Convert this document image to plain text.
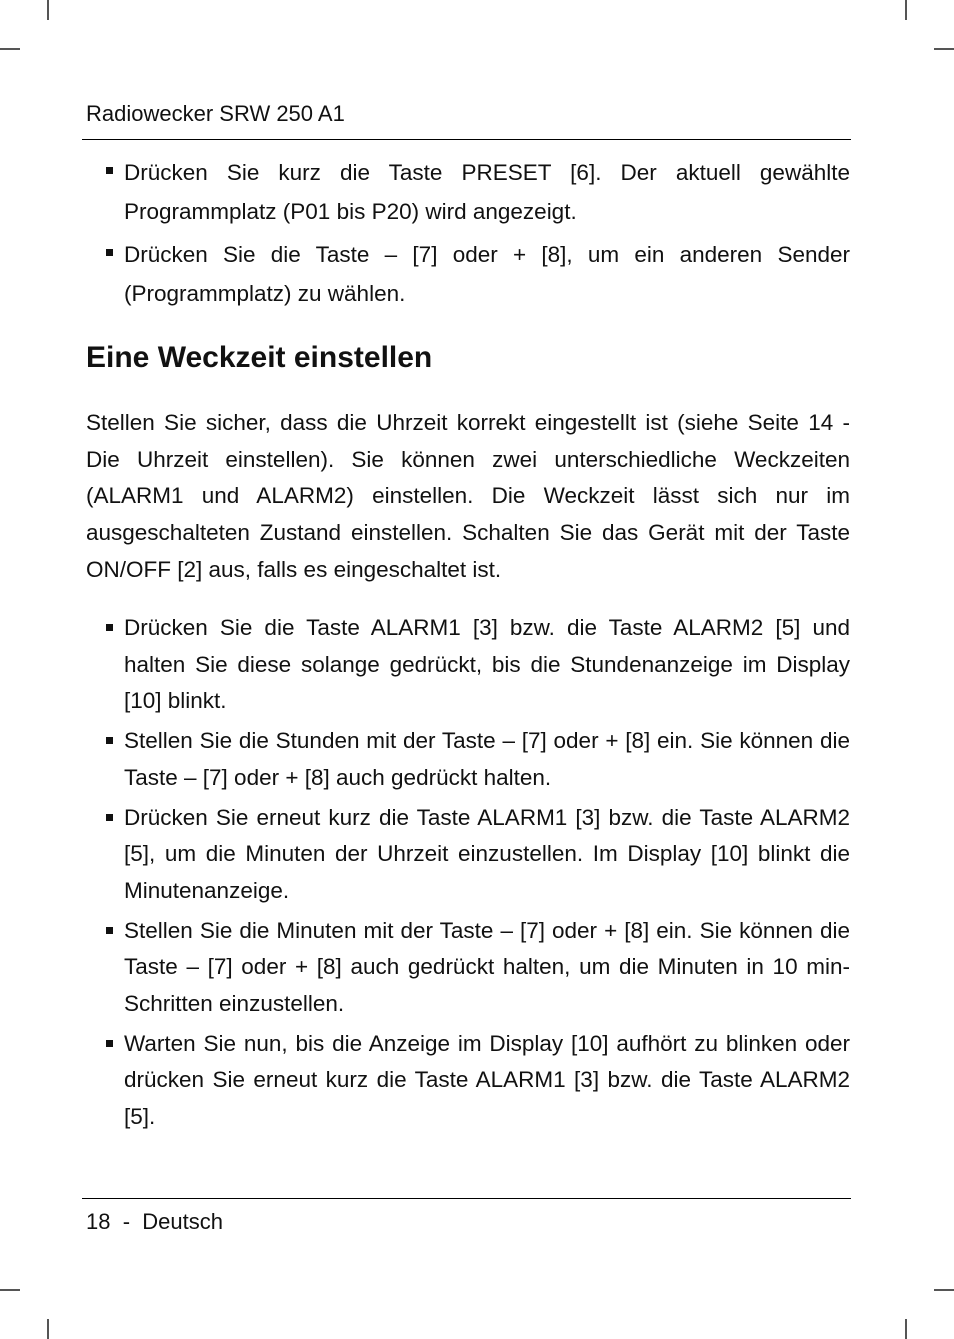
Radiowecker SRW 250 A1
Drücken Sie kurz die Taste PRESET [6]. Der aktuell gewählte Programmplatz (P01 bis P20) wird angezeigt.
Drücken Sie die Taste – [7] oder + [8], um ein anderen Sender (Programmplatz) zu wählen.
Eine Weckzeit einstellen

Stellen Sie sicher, dass die Uhrzeit korrekt eingestellt ist (siehe Seite 14 - Die Uhrzeit einstellen). Sie können zwei unterschiedliche Weckzeiten (ALARM1 und ALARM2) einstellen. Die Weckzeit lässt sich nur im ausgeschalteten Zustand einstellen. Schalten Sie das Gerät mit der Taste ON/OFF [2] aus, falls es eingeschaltet ist.

Drücken Sie die Taste ALARM1 [3] bzw. die Taste ALARM2 [5] und halten Sie diese solange gedrückt, bis die Stundenanzeige im Display [10] blinkt.
Stellen Sie die Stunden mit der Taste – [7] oder + [8] ein. Sie können die Taste – [7] oder + [8] auch gedrückt halten.
Drücken Sie erneut kurz die Taste ALARM1 [3] bzw. die Taste ALARM2 [5], um die Minuten der Uhrzeit einzustellen. Im Display [10] blinkt die Minutenanzeige.
Stellen Sie die Minuten mit der Taste – [7] oder + [8] ein. Sie können die Taste – [7] oder + [8] auch gedrückt halten, um die Minuten in 10 min-Schritten einzustellen.
Warten Sie nun, bis die Anzeige im Display [10] aufhört zu blinken oder drücken Sie erneut kurz die Taste ALARM1 [3] bzw. die Taste ALARM2 [5].
18  -  Deutsch
